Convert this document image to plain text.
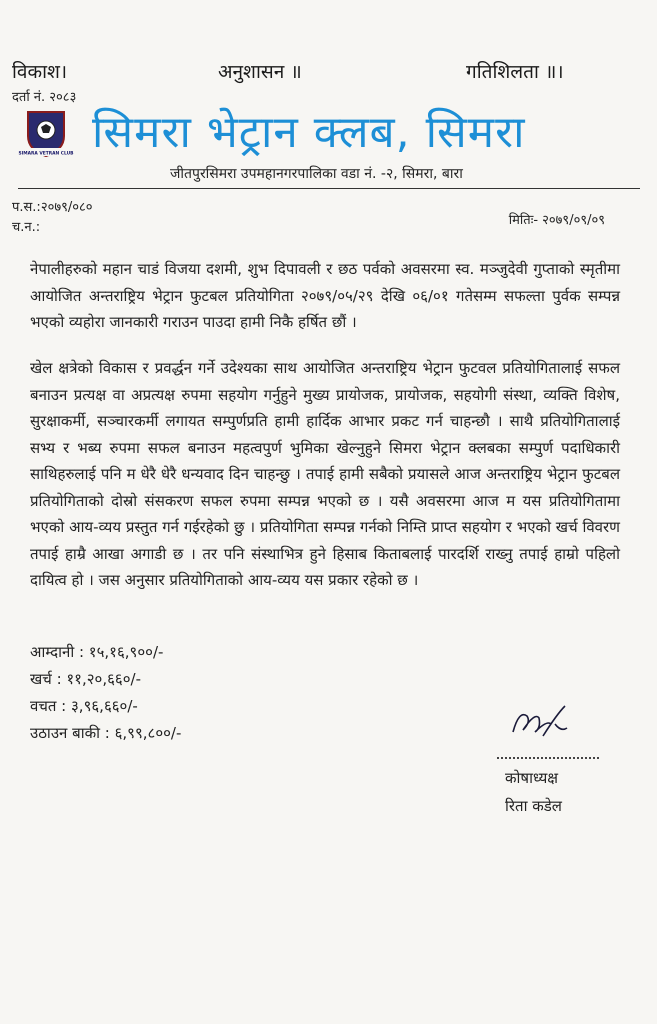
विकाश।	अनुशासन ॥	गतिशिलता ॥।
दर्ता नं. २०८३
SIMARA VETRAN CLUB सिमरा भेट्रान क्लब, सिमरा
जीतपुरसिमरा उपमहानगरपालिका वडा नं. -२, सिमरा, बारा
प.स.:२०७९/०८०
च.न.:	मितिः- २०७९/०९/०९
नेपालीहरुको महान चाडं विजया दशमी, शुभ दिपावली र छठ पर्वको अवसरमा स्व. मञ्जुदेवी गुप्ताको स्मृतीमा आयोजित अन्तराष्ट्रिय भेट्रान फुटबल प्रतियोगिता २०७९/०५/२९ देखि ०६/०१ गतेसम्म सफल्ता पुर्वक सम्पन्न भएको व्यहोरा जानकारी गराउन पाउदा हामी निकै हर्षित छौं ।
खेल क्षत्रेको विकास र प्रवर्द्धन गर्ने उदेश्यका साथ आयोजित अन्तराष्ट्रिय भेट्रान फुटवल प्रतियोगितालाई सफल बनाउन प्रत्यक्ष वा अप्रत्यक्ष रुपमा सहयोग गर्नुहुने मुख्य प्रायोजक, प्रायोजक, सहयोगी संस्था, व्यक्ति विशेष, सुरक्षाकर्मी, सञ्चारकर्मी लगायत सम्पुर्णप्रति हामी हार्दिक आभार प्रकट गर्न चाहन्छौ । साथै प्रतियोगितालाई सभ्य र भब्य रुपमा सफल बनाउन महत्वपुर्ण भुमिका खेल्नुहुने सिमरा भेट्रान क्लबका सम्पुर्ण पदाधिकारी साथिहरुलाई पनि म धेरै धेरै धन्यवाद दिन चाहन्छु । तपाई हामी सबैको प्रयासले आज अन्तराष्ट्रिय भेट्रान फुटबल प्रतियोगिताको दोस्रो संसकरण सफल रुपमा सम्पन्न भएको छ । यसै अवसरमा आज म यस प्रतियोगितामा भएको आय-व्यय प्रस्तुत गर्न गईरहेको छु । प्रतियोगिता सम्पन्न गर्नको निम्ति प्राप्त सहयोग र भएको खर्च विवरण तपाई हाम्रै आखा अगाडी छ । तर पनि संस्थाभित्र हुने हिसाब किताबलाई पारदर्शि राख्नु तपाई हाम्रो पहिलो दायित्व हो । जस अनुसार प्रतियोगिताको आय-व्यय यस प्रकार रहेको छ ।
आम्दानी : १५,१६,९००/-
खर्च : ११,२०,६६०/-
वचत : ३,९६,६६०/-
उठाउन बाकी : ६,९९,८००/-
कोषाध्यक्ष
रिता कडेल
